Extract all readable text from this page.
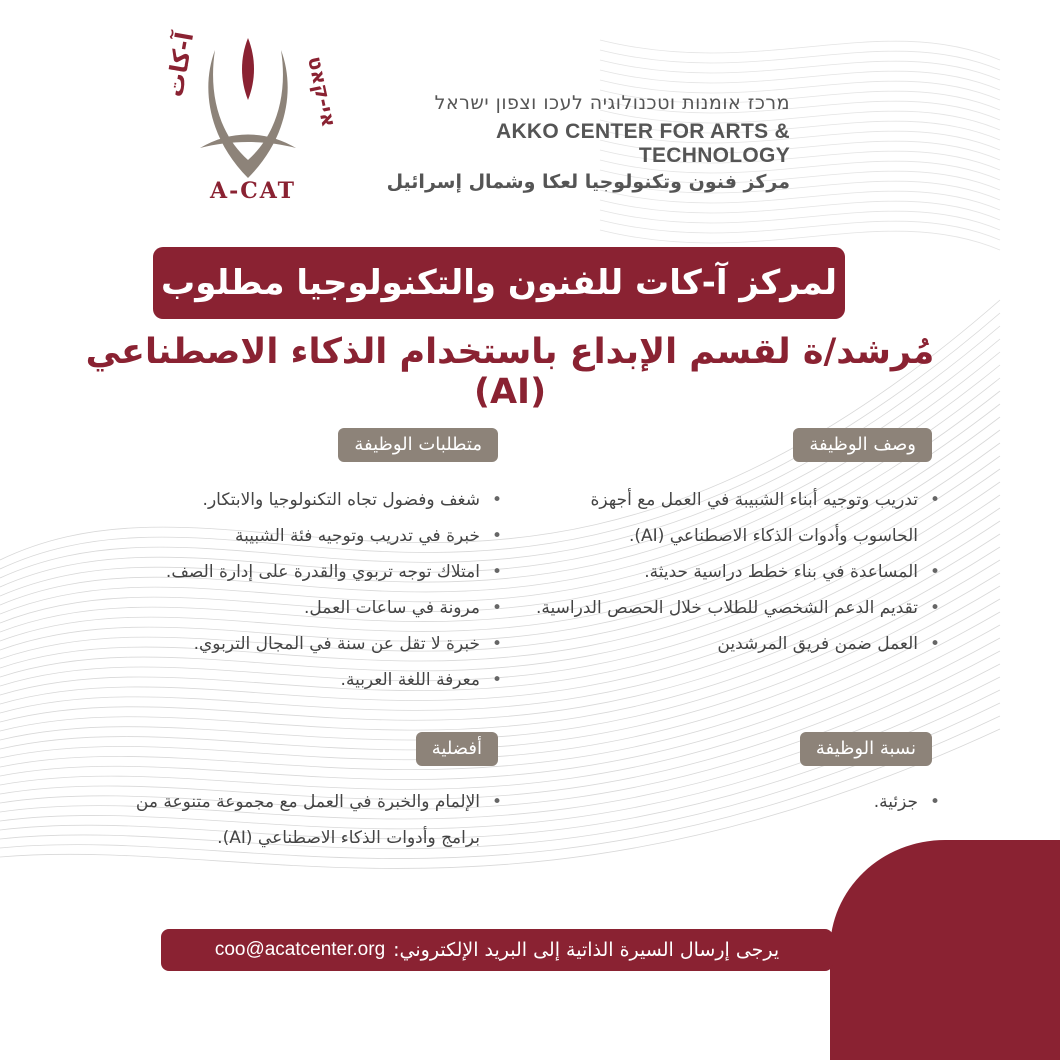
آ-كات	אי-קאט
A-CAT
מרכז אומנות וטכנולוגיה לעכו וצפון ישראל
AKKO CENTER FOR ARTS & TECHNOLOGY
مركز فنون وتكنولوجيا لعكا وشمال إسرائيل
لمركز آ-كات للفنون والتكنولوجيا مطلوب
مُرشد/ة لقسم الإبداع باستخدام الذكاء الاصطناعي (AI)
وصف الوظيفة
• تدريب وتوجيه أبناء الشبيبة في العمل مع أجهزة الحاسوب وأدوات الذكاء الاصطناعي (AI).
• المساعدة في بناء خطط دراسية حديثة.
• تقديم الدعم الشخصي للطلاب خلال الحصص الدراسية.
• العمل ضمن فريق المرشدين
متطلبات الوظيفة
• شغف وفضول تجاه التكنولوجيا والابتكار.
• خبرة في تدريب وتوجيه فئة الشبيبة
• امتلاك توجه تربوي والقدرة على إدارة الصف.
• مرونة في ساعات العمل.
• خبرة لا تقل عن سنة في المجال التربوي.
• معرفة اللغة العربية.
نسبة الوظيفة
• جزئية.
أفضلية
• الإلمام والخبرة في العمل مع مجموعة متنوعة من برامج وأدوات الذكاء الاصطناعي (AI).
يرجى إرسال السيرة الذاتية إلى البريد الإلكتروني:
coo@acatcenter.org
